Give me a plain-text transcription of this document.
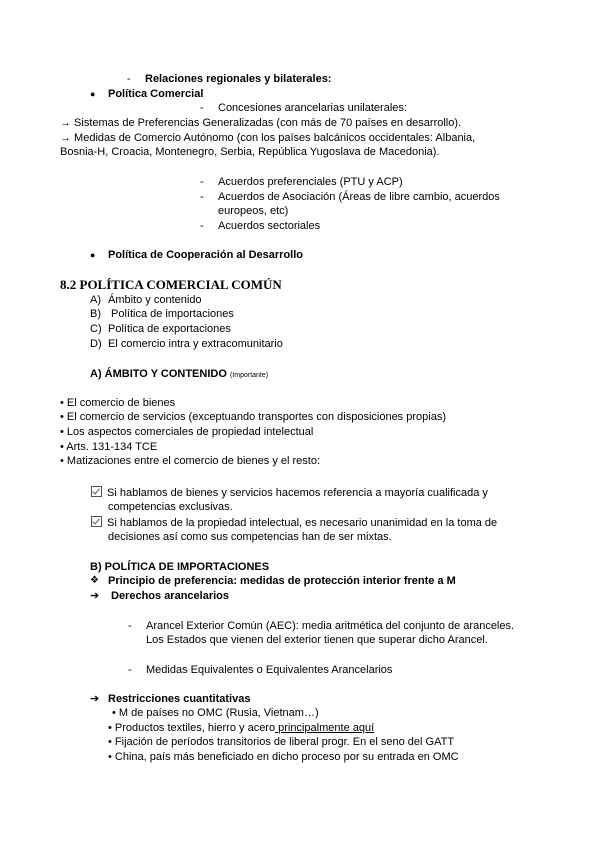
- Relaciones regionales y bilaterales:
● Política Comercial
- Concesiones arancelarias unilaterales:
→ Sistemas de Preferencias Generalizadas (con más de 70 países en desarrollo).
→ Medidas de Comercio Autónomo (con los países balcánicos occidentales: Albania,
Bosnia-H, Croacia, Montenegro, Serbia, República Yugoslava de Macedonia).
- Acuerdos preferenciales (PTU y ACP)
- Acuerdos de Asociación (Áreas de libre cambio, acuerdos
europeos, etc)
- Acuerdos sectoriales
● Política de Cooperación al Desarrollo
8.2 POLÍTICA COMERCIAL COMÚN
A) Ámbito y contenido
B) Política de importaciones
C) Política de exportaciones
D) El comercio intra y extracomunitario
A) ÁMBITO Y CONTENIDO (Importante)
• El comercio de bienes
• El comercio de servicios (exceptuando transportes con disposiciones propias)
• Los aspectos comerciales de propiedad intelectual
• Arts. 131-134 TCE
• Matizaciones entre el comercio de bienes y el resto:
Si hablamos de bienes y servicios hacemos referencia a mayoría cualificada y
competencias exclusivas.
Si hablamos de la propiedad intelectual, es necesario unanimidad en la toma de
decisiones así como sus competencias han de ser mixtas.
B) POLÍTICA DE IMPORTACIONES
❖ Principio de preferencia: medidas de protección interior frente a M
➔ Derechos arancelarios
- Arancel Exterior Común (AEC): media aritmética del conjunto de aranceles.
Los Estados que vienen del exterior tienen que superar dicho Arancel.
- Medidas Equivalentes o Equivalentes Arancelarios
➔ Restricciones cuantitativas
• M de países no OMC (Rusia, Vietnam…)
• Productos textiles, hierro y acero principalmente aquí
• Fijación de períodos transitorios de liberal progr. En el seno del GATT
• China, país más beneficiado en dicho proceso por su entrada en OMC
